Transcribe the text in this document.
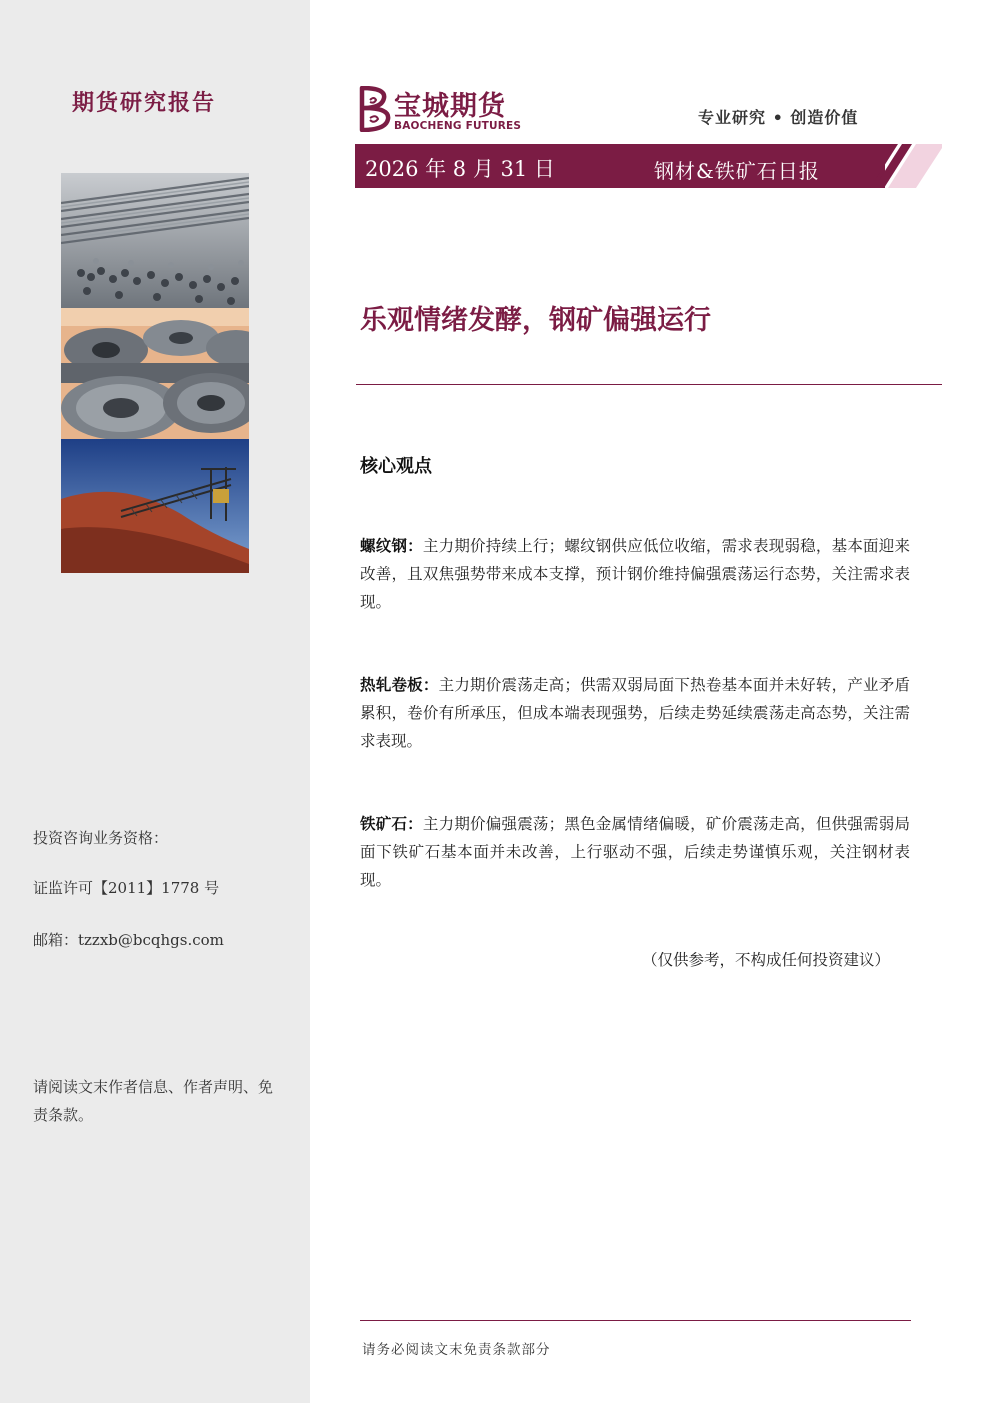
期货研究报告
投资咨询业务资格：
证监许可【2011】1778 号
邮箱：tzzxb@bcqhgs.com
请阅读文末作者信息、作者声明、免责条款。
宝城期货
BAOCHENG FUTURES	专业研究 • 创造价值
2026 年 8 月 31 日	钢材&铁矿石日报
乐观情绪发酵，钢矿偏强运行
核心观点
螺纹钢：主力期价持续上行；螺纹钢供应低位收缩，需求表现弱稳，基本面迎来改善，且双焦强势带来成本支撑，预计钢价维持偏强震荡运行态势，关注需求表现。
热轧卷板：主力期价震荡走高；供需双弱局面下热卷基本面并未好转，产业矛盾累积，卷价有所承压，但成本端表现强势，后续走势延续震荡走高态势，关注需求表现。
铁矿石：主力期价偏强震荡；黑色金属情绪偏暖，矿价震荡走高，但供强需弱局面下铁矿石基本面并未改善，上行驱动不强，后续走势谨慎乐观，关注钢材表现。
（仅供参考，不构成任何投资建议）
请务必阅读文末免责条款部分
